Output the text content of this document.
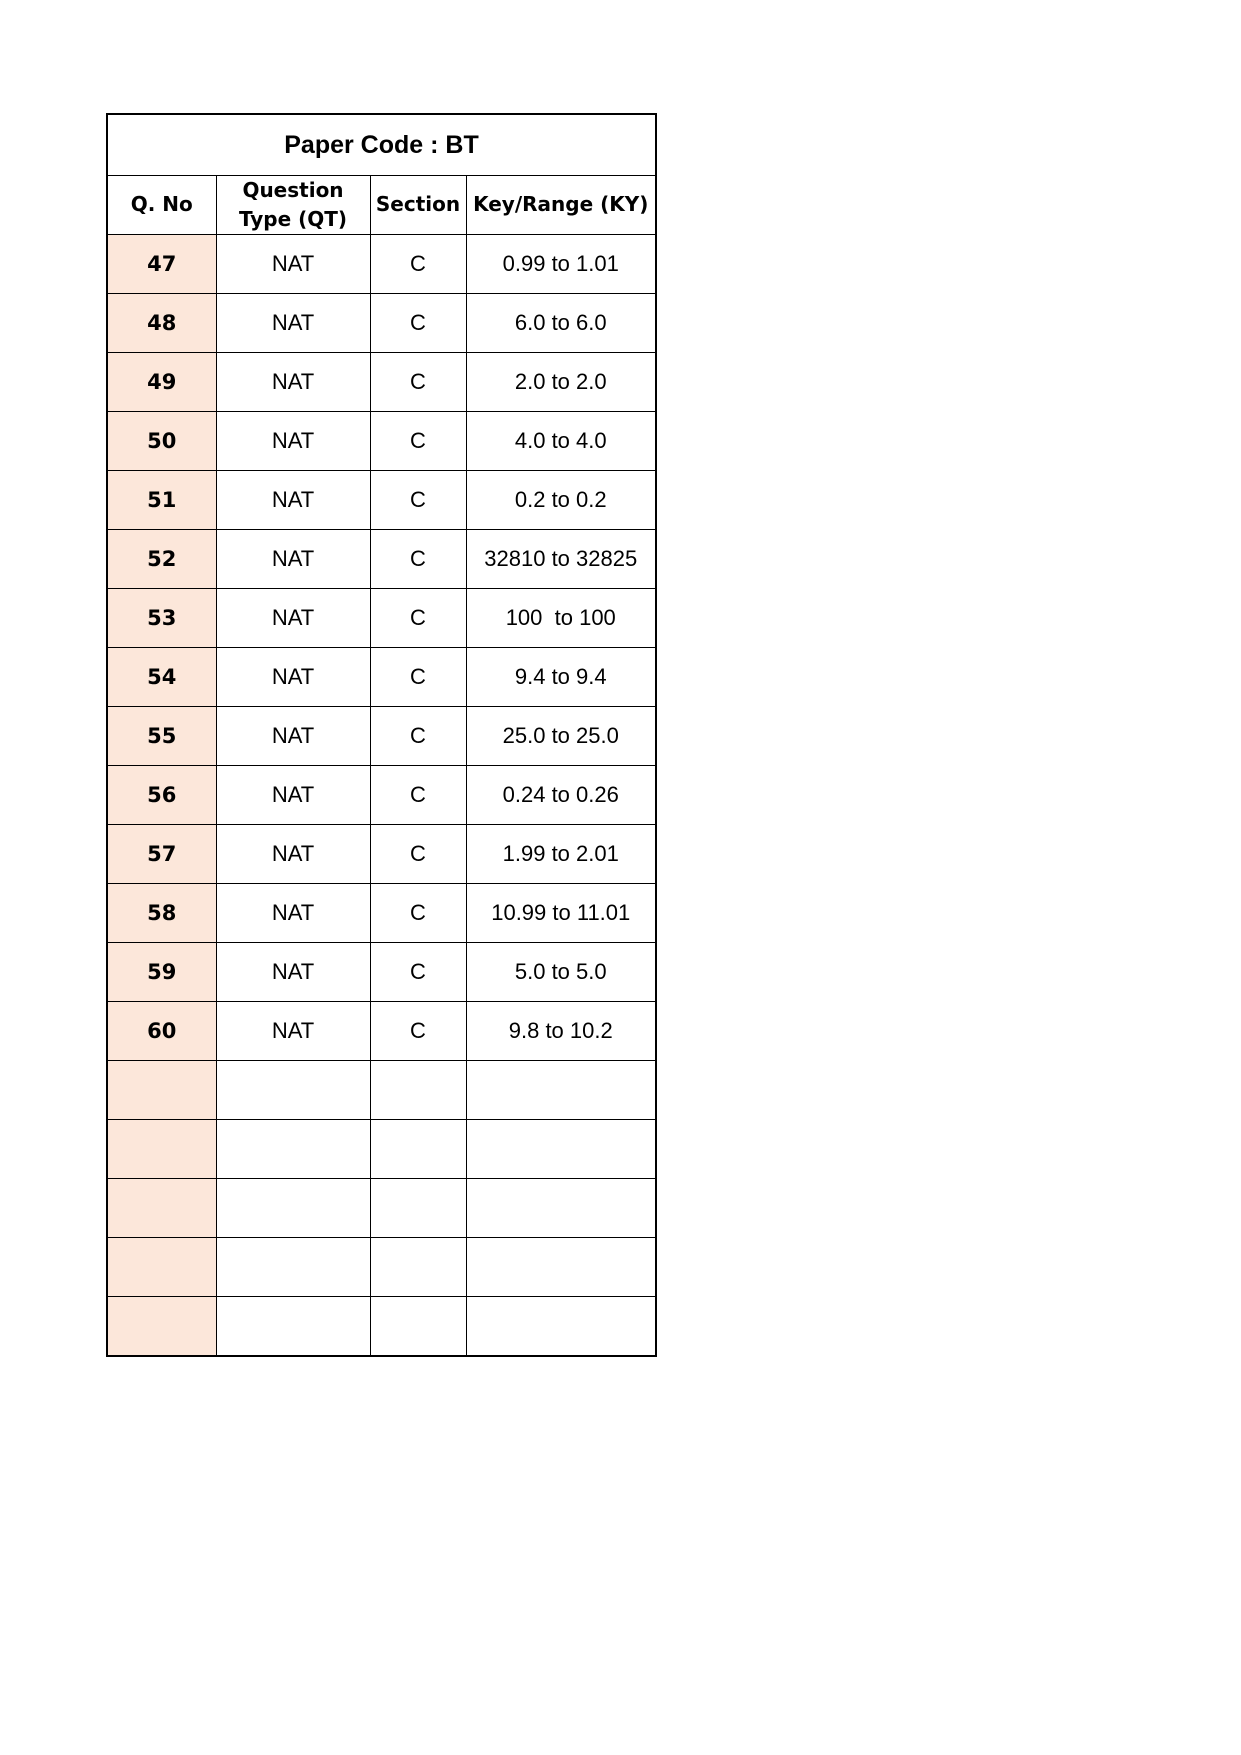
Paper Code : BT			
Q. No	Question Type (QT)	Section	Key/Range (KY)
47	NAT	C	0.99 to 1.01
48	NAT	C	6.0 to 6.0
49	NAT	C	2.0 to 2.0
50	NAT	C	4.0 to 4.0
51	NAT	C	0.2 to 0.2
52	NAT	C	32810 to 32825
53	NAT	C	100  to 100
54	NAT	C	9.4 to 9.4
55	NAT	C	25.0 to 25.0
56	NAT	C	0.24 to 0.26
57	NAT	C	1.99 to 2.01
58	NAT	C	10.99 to 11.01
59	NAT	C	5.0 to 5.0
60	NAT	C	9.8 to 10.2
